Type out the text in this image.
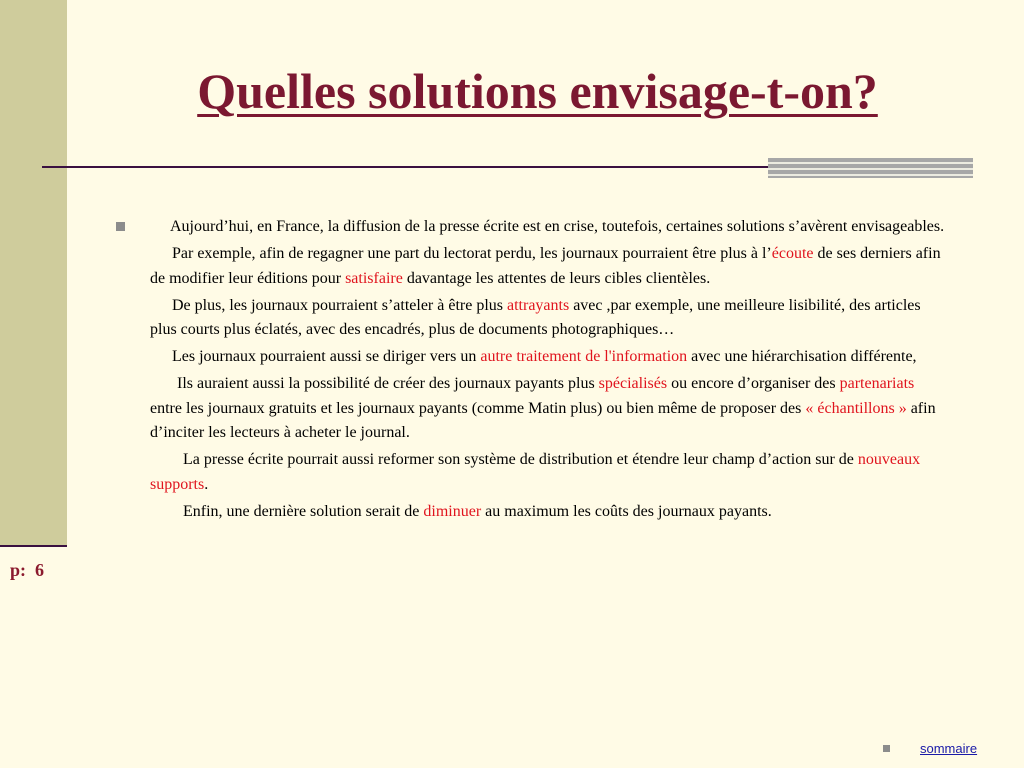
p:  6
Quelles solutions envisage-t-on?

Aujourd’hui, en France, la diffusion de la presse écrite est en crise, toutefois, certaines solutions s’avèrent envisageables.

Par exemple, afin de regagner une part du lectorat perdu, les journaux pourraient être plus à l’écoute de ses derniers afin de modifier leur éditions pour satisfaire davantage les attentes de leurs cibles clientèles.

De plus, les journaux pourraient s’atteler à être plus attrayants avec ,par exemple, une meilleure lisibilité, des articles plus courts plus éclatés, avec des encadrés, plus de documents photographiques…

Les journaux pourraient aussi se diriger vers un autre traitement de l'information avec une hiérarchisation différente,

Ils auraient aussi la possibilité de créer des journaux payants plus spécialisés ou encore d’organiser des partenariats entre les journaux gratuits et les journaux payants (comme Matin plus) ou bien même de proposer des « échantillons » afin d’inciter les lecteurs à acheter le journal.

La presse écrite pourrait aussi reformer son système de distribution et étendre leur champ d’action sur de nouveaux supports.

Enfin, une dernière solution serait de diminuer au maximum les coûts des journaux payants.

sommaire
